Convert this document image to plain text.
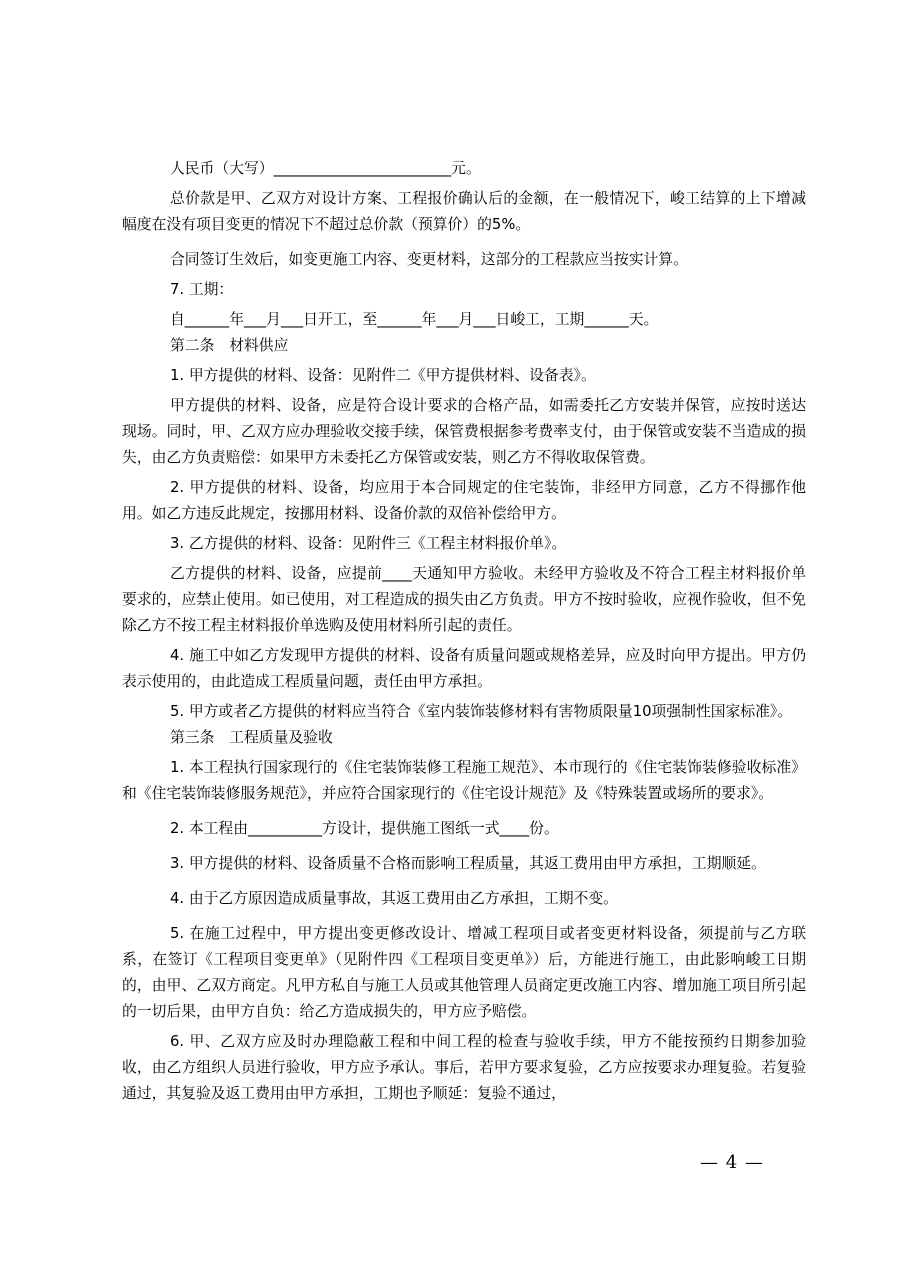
人民币（大写）________________________元。

总价款是甲、乙双方对设计方案、工程报价确认后的金额，在一般情况下，峻工结算的上下增减幅度在没有项目变更的情况下不超过总价款（预算价）的5%。

合同签订生效后，如变更施工内容、变更材料，这部分的工程款应当按实计算。

7. 工期：

自______年___月___日开工，至______年___月___日峻工，工期______天。

第二条　材料供应

1. 甲方提供的材料、设备：见附件二《甲方提供材料、设备表》。

甲方提供的材料、设备，应是符合设计要求的合格产品，如需委托乙方安装并保管，应按时送达现场。同时，甲、乙双方应办理验收交接手续，保管费根据参考费率支付，由于保管或安装不当造成的损失，由乙方负责赔偿：如果甲方未委托乙方保管或安装，则乙方不得收取保管费。

2. 甲方提供的材料、设备，均应用于本合同规定的住宅装饰，非经甲方同意，乙方不得挪作他用。如乙方违反此规定，按挪用材料、设备价款的双倍补偿给甲方。

3. 乙方提供的材料、设备：见附件三《工程主材料报价单》。

乙方提供的材料、设备，应提前____天通知甲方验收。未经甲方验收及不符合工程主材料报价单要求的，应禁止使用。如已使用，对工程造成的损失由乙方负责。甲方不按时验收，应视作验收，但不免除乙方不按工程主材料报价单选购及使用材料所引起的责任。

4. 施工中如乙方发现甲方提供的材料、设备有质量问题或规格差异，应及时向甲方提出。甲方仍表示使用的，由此造成工程质量问题，责任由甲方承担。

5. 甲方或者乙方提供的材料应当符合《室内装饰装修材料有害物质限量10项强制性国家标准》。

第三条　工程质量及验收

1. 本工程执行国家现行的《住宅装饰装修工程施工规范》、本市现行的《住宅装饰装修验收标准》和《住宅装饰装修服务规范》，并应符合国家现行的《住宅设计规范》及《特殊装置或场所的要求》。

2. 本工程由__________方设计，提供施工图纸一式____份。

3. 甲方提供的材料、设备质量不合格而影响工程质量，其返工费用由甲方承担，工期顺延。

4. 由于乙方原因造成质量事故，其返工费用由乙方承担，工期不变。

5. 在施工过程中，甲方提出变更修改设计、增减工程项目或者变更材料设备，须提前与乙方联系，在签订《工程项目变更单》（见附件四《工程项目变更单》）后，方能进行施工，由此影响峻工日期的，由甲、乙双方商定。凡甲方私自与施工人员或其他管理人员商定更改施工内容、增加施工项目所引起的一切后果，由甲方自负：给乙方造成损失的，甲方应予赔偿。

6. 甲、乙双方应及时办理隐蔽工程和中间工程的检查与验收手续，甲方不能按预约日期参加验收，由乙方组织人员进行验收，甲方应予承认。事后，若甲方要求复验，乙方应按要求办理复验。若复验通过，其复验及返工费用由甲方承担，工期也予顺延：复验不通过，

— 4 —
